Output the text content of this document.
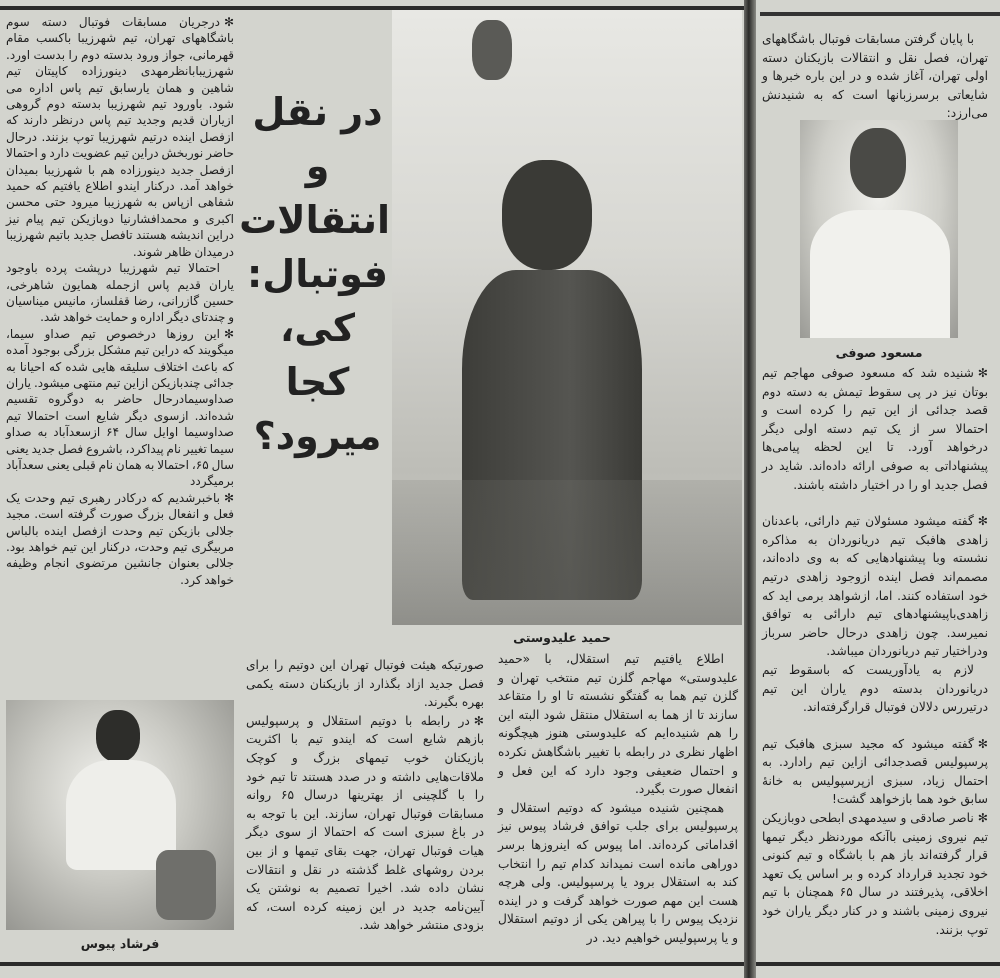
✻درجریان مسابقات فوتبال دسته سوم باشگاههای تهران، تیم شهرزیبا باکسب مقام قهرمانی، جواز ورود بدسته دوم را بدست اورد. شهرزیبابانظرمهدی دینورزاده کاپیتان تیم شاهین و همان یارسابق تیم پاس اداره می شود. باورود تیم شهرزیبا بدسته دوم گروهی ازیاران قدیم وجدید تیم پاس درنظر دارند که ازفصل اینده درتیم شهرزیبا توپ بزنند. درحال حاضر نوربخش دراین تیم عضویت دارد و احتمالا ازفصل جدید دینورزاده هم با شهرزیبا بمیدان خواهد آمد. درکنار ایندو اطلاع یافتیم که حمید شفاهی ازپاس به شهرزیبا میرود حتی محسن اکبری و محمدافشارنیا دوبازیکن تیم پیام نیز دراین اندیشه هستند تافصل جدید باتیم شهرزیبا درمیدان ظاهر شوند.

احتمالا تیم شهرزیبا درپشت پرده باوجود یاران قدیم پاس ازجمله همایون شاهرخی، حسین گازرانی، رضا قفلساز، مانیس میناسیان و چندتای دیگر اداره و حمایت خواهد شد.

✻این روزها درخصوص تیم صداو سیما، میگویند که دراین تیم مشکل بزرگی بوجود آمده که باعث اختلاف سلیقه هایی شده که احیانا به جدائی چندبازیکن ازاین تیم منتهی میشود. یاران صداوسیمادرحال حاضر به دوگروه تقسیم شده‌اند. ازسوی دیگر شایع است احتمالا تیم صداوسیما اوایل سال ۶۴ ازسعدآباد به صداو سیما تغییر نام پیداکرد، باشروع فصل جدید یعنی سال ۶۵، احتمالا به همان نام قبلی یعنی سعدآباد برمیگردد

✻باخبرشدیم که درکادر رهبری تیم وحدت یک فعل و انفعال بزرگ صورت گرفته است. مجید جلالی بازیکن تیم وحدت ازفصل اینده بالباس مربیگری تیم وحدت، درکنار این تیم خواهد بود. جلالی بعنوان جانشین مرتضوی انجام وظیفه خواهد کرد.

فرشاد پیوس
در نقل و
انتقالات
فوتبال:
کی،
کجا
میرود؟
حمید علیدوستی

اطلاع یافتیم تیم استقلال، با «حمید علیدوستی» مهاجم گلزن تیم منتخب تهران و گلزن تیم هما به گفتگو نشسته تا او را متقاعد سازند تا از هما به استقلال منتقل شود البته این را هم شنیده‌ایم که علیدوستی هنوز هیچگونه اظهار نظری در رابطه با تغییر باشگاهش نکرده و احتمال ضعیفی وجود دارد که این فعل و انفعال صورت بگیرد.

همچنین شنیده میشود که دوتیم استقلال و پرسپولیس برای جلب توافق فرشاد پیوس نیز اقداماتی کرده‌اند. اما پیوس که اینروزها برسر دوراهی مانده است نمیداند کدام تیم را انتخاب کند به استقلال برود یا پرسپولیس. ولی هرچه هست این مهم صورت خواهد گرفت و در اینده نزدیک پیوس را با پیراهن یکی از دوتیم استقلال و یا پرسپولیس خواهیم دید. در

صورتیکه هیئت فوتبال تهران این دوتیم را برای فصل جدید ازاد بگذارد از بازیکنان دسته یکمی بهره بگیرند.

✻در رابطه با دوتیم استقلال و پرسپولیس بازهم شایع است که ایندو تیم با اکثریت بازیکنان خوب تیمهای بزرگ و کوچک ملاقات‌هایی داشته و در صدد هستند تا تیم خود را با گلچینی از بهترینها درسال ۶۵ روانه مسابقات فوتبال تهران، سازند. این با توجه به در باغ سبزی است که احتمالا از سوی دیگر هیات فوتبال تهران، جهت بقای تیمها و از بین بردن روشهای غلط گذشته در نقل و انتقالات نشان داده شد. اخیرا تصمیم به نوشتن یک آیین‌نامه جدید در این زمینه کرده است، که بزودی منتشر خواهد شد.

با پایان گرفتن مسابقات فوتبال باشگاههای تهران، فصل نقل و انتقالات بازیکنان دسته اولی تهران، آغاز شده و در این باره خبرها و شایعاتی برسرزبانها است که به شنیدنش می‌ارزد:

مسعود صوفی

✻شنیده شد که مسعود صوفی مهاجم تیم بوتان نیز در پی سقوط تیمش به دسته دوم قصد جدائی از این تیم را کرده است و احتمالا سر از یک تیم دسته اولی دیگر درخواهد آورد. تا این لحظه پیامی‌ها پیشنهاداتی به صوفی ارائه داده‌اند. شاید در فصل جدید او را در اختیار داشته باشند.

✻گفته میشود مسئولان تیم دارائی، باعدنان زاهدی هافبک تیم دریانوردان به مذاکره نشسته وبا پیشنهادهایی که به وی داده‌اند، مصمم‌اند فصل اینده ازوجود زاهدی درتیم خود استفاده کنند. اما، ازشواهد برمی اید که زاهدی‌باپیشنهادهای تیم دارائی به توافق نمیرسد. چون زاهدی درحال حاضر سرباز ودراختیار تیم دریانوردان میباشد.

لازم به یادآوریست که باسقوط تیم دریانوردان بدسته دوم یاران این تیم درتیررس دلالان فوتبال قرارگرفته‌اند.

✻گفته میشود که مجید سبزی هافبک تیم پرسپولیس قصدجدائی ازاین تیم رادارد. به احتمال زیاد، سبزی ازپرسپولیس به خانهٔ سابق خود هما بازخواهد گشت!

✻ناصر صادقی و سیدمهدی ابطحی دوبازیکن تیم نیروی زمینی باآنکه موردنظر دیگر تیمها قرار گرفته‌اند باز هم با باشگاه و تیم کنونی خود تجدید قرارداد کرده و بر اساس یک تعهد اخلاقی، پذیرفتند در سال ۶۵ همچنان با تیم نیروی زمینی باشند و در کنار دیگر یاران خود توپ بزنند.
